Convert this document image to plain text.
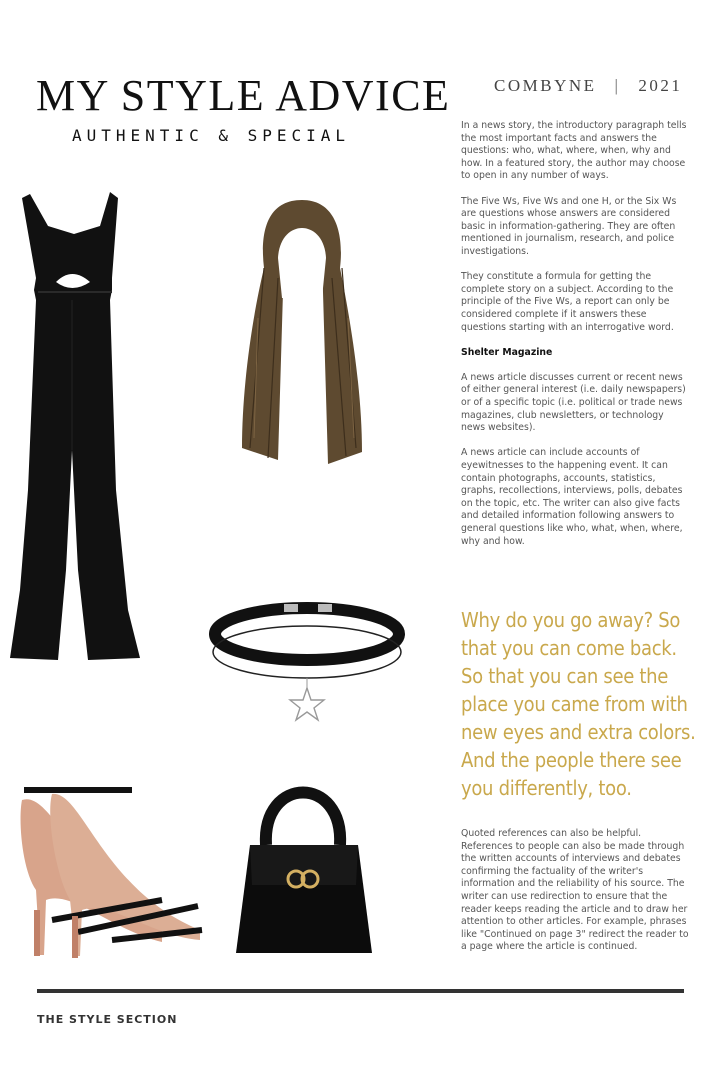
MY STYLE ADVICE
AUTHENTIC & SPECIAL
COMBYNE | 2021

In a news story, the introductory paragraph tells the most important facts and answers the questions: who, what, where, when, why and how. In a featured story, the author may choose to open in any number of ways.

The Five Ws, Five Ws and one H, or the Six Ws are questions whose answers are considered basic in information-gathering. They are often mentioned in journalism, research, and police investigations.

They constitute a formula for getting the complete story on a subject. According to the principle of the Five Ws, a report can only be considered complete if it answers these questions starting with an interrogative word.

Shelter Magazine

A news article discusses current or recent news of either general interest (i.e. daily newspapers) or of a specific topic (i.e. political or trade news magazines, club newsletters, or technology news websites).

A news article can include accounts of eyewitnesses to the happening event. It can contain photographs, accounts, statistics, graphs, recollections, interviews, polls, debates on the topic, etc. The writer can also give facts and detailed information following answers to general questions like who, what, when, where, why and how.

Why do you go away? So that you can come back. So that you can see the place you came from with new eyes and extra colors. And the people there see you differently, too.
Quoted references can also be helpful. References to people can also be made through the written accounts of interviews and debates confirming the factuality of the writer's information and the reliability of his source. The writer can use redirection to ensure that the reader keeps reading the article and to draw her attention to other articles. For example, phrases like "Continued on page 3" redirect the reader to a page where the article is continued.
THE STYLE SECTION
